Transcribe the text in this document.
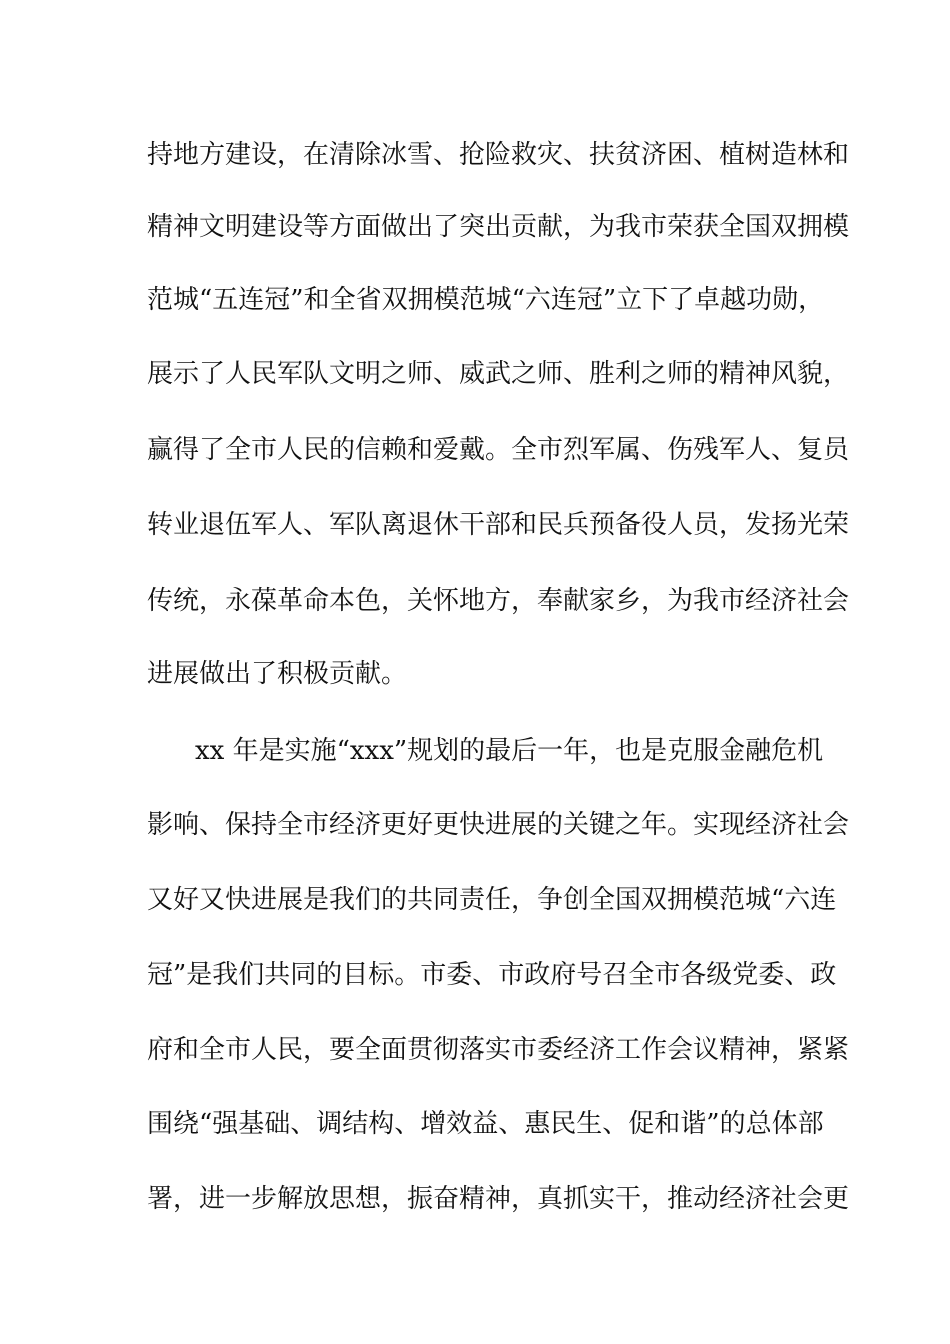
持地方建设，在清除冰雪、抢险救灾、扶贫济困、植树造林和
精神文明建设等方面做出了突出贡献，为我市荣获全国双拥模
范城“五连冠”和全省双拥模范城“六连冠”立下了卓越功勋，
展示了人民军队文明之师、威武之师、胜利之师的精神风貌，
赢得了全市人民的信赖和爱戴。全市烈军属、伤残军人、复员
转业退伍军人、军队离退休干部和民兵预备役人员，发扬光荣
传统，永葆革命本色，关怀地方，奉献家乡，为我市经济社会
进展做出了积极贡献。
xx 年是实施“xxx”规划的最后一年，也是克服金融危机
影响、保持全市经济更好更快进展的关键之年。实现经济社会
又好又快进展是我们的共同责任，争创全国双拥模范城“六连
冠”是我们共同的目标。市委、市政府号召全市各级党委、政
府和全市人民，要全面贯彻落实市委经济工作会议精神，紧紧
围绕“强基础、调结构、增效益、惠民生、促和谐”的总体部
署，进一步解放思想，振奋精神，真抓实干，推动经济社会更
